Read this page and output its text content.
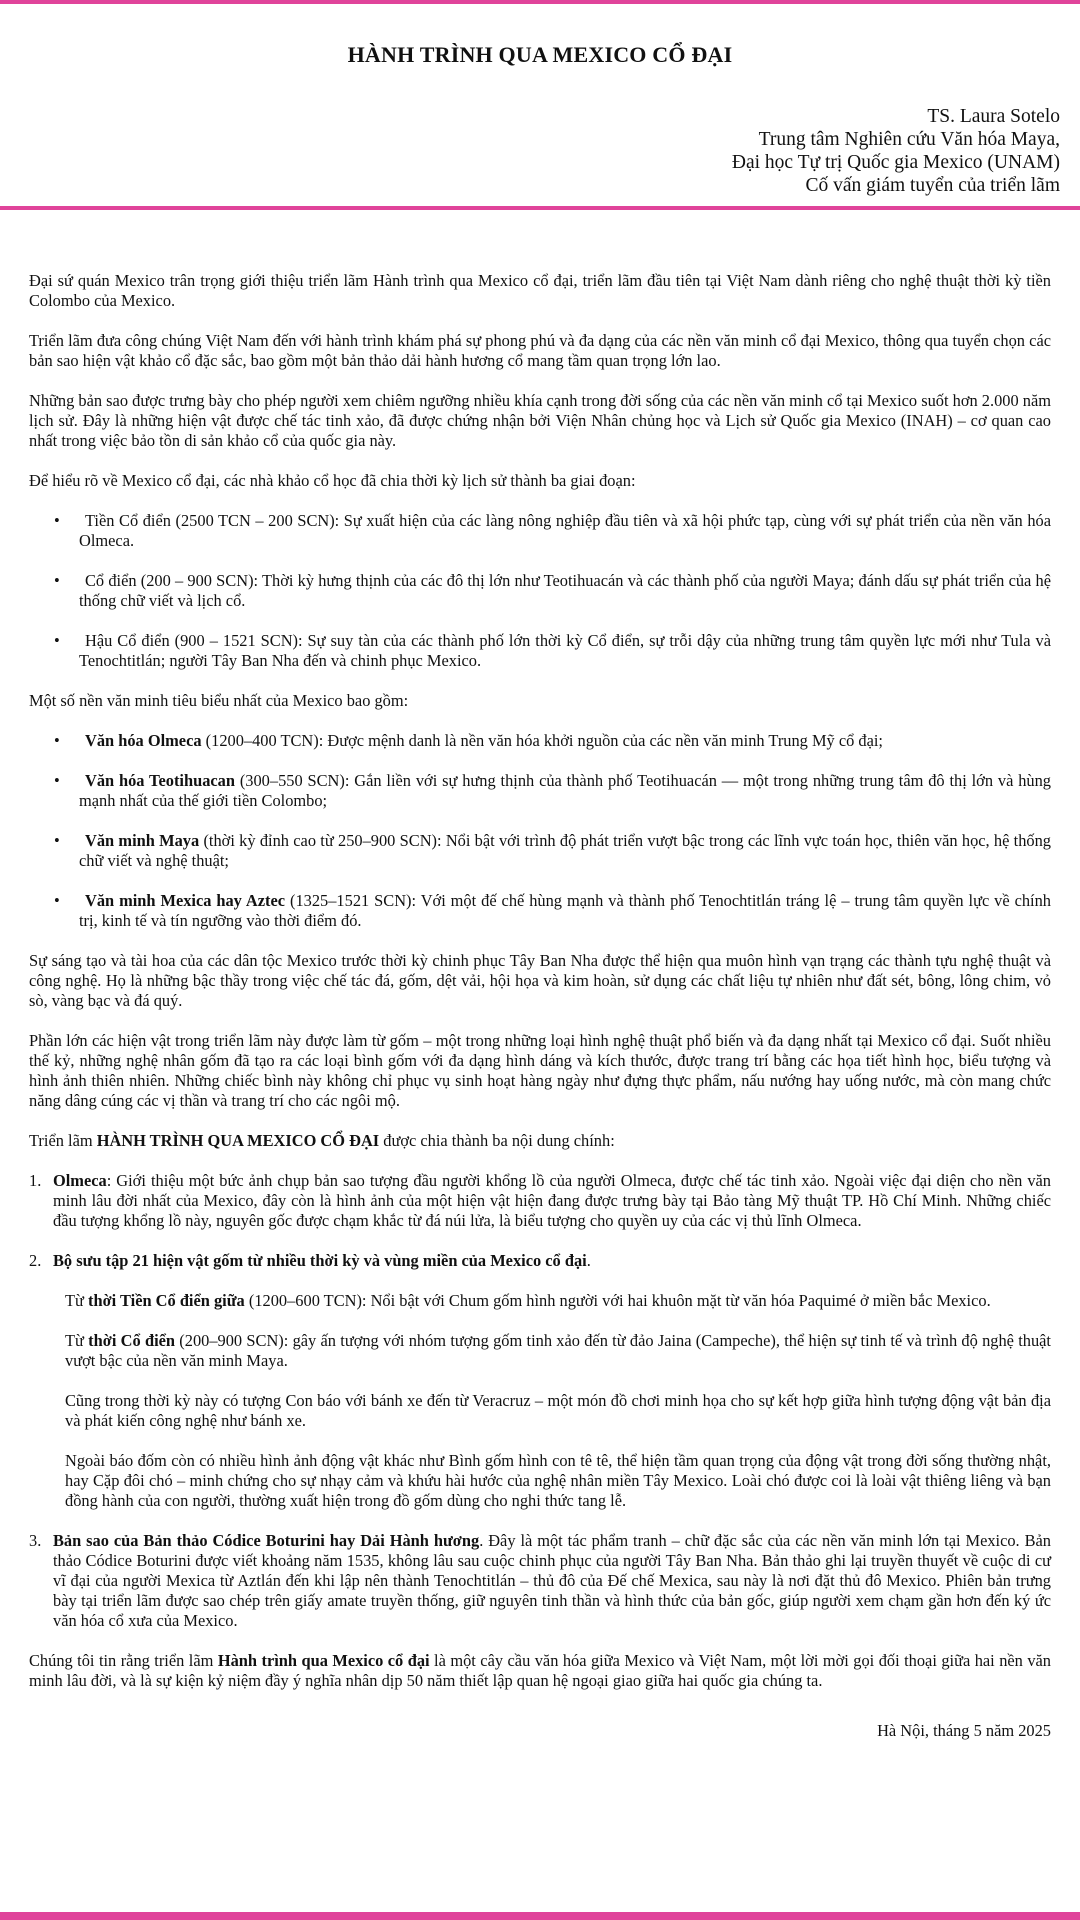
HÀNH TRÌNH QUA MEXICO CỔ ĐẠI
TS. Laura Sotelo
Trung tâm Nghiên cứu Văn hóa Maya,
Đại học Tự trị Quốc gia Mexico (UNAM)
Cố vấn giám tuyển của triển lãm

Đại sứ quán Mexico trân trọng giới thiệu triển lãm Hành trình qua Mexico cổ đại, triển lãm đầu tiên tại Việt Nam dành riêng cho nghệ thuật thời kỳ tiền Colombo của Mexico.

Triển lãm đưa công chúng Việt Nam đến với hành trình khám phá sự phong phú và đa dạng của các nền văn minh cổ đại Mexico, thông qua tuyển chọn các bản sao hiện vật khảo cổ đặc sắc, bao gồm một bản thảo dải hành hương cổ mang tầm quan trọng lớn lao.

Những bản sao được trưng bày cho phép người xem chiêm ngưỡng nhiều khía cạnh trong đời sống của các nền văn minh cổ tại Mexico suốt hơn 2.000 năm lịch sử. Đây là những hiện vật được chế tác tinh xảo, đã được chứng nhận bởi Viện Nhân chủng học và Lịch sử Quốc gia Mexico (INAH) – cơ quan cao nhất trong việc bảo tồn di sản khảo cổ của quốc gia này.

Để hiểu rõ về Mexico cổ đại, các nhà khảo cổ học đã chia thời kỳ lịch sử thành ba giai đoạn:

• Tiền Cổ điển (2500 TCN – 200 SCN): Sự xuất hiện của các làng nông nghiệp đầu tiên và xã hội phức tạp, cùng với sự phát triển của nền văn hóa Olmeca.
• Cổ điển (200 – 900 SCN): Thời kỳ hưng thịnh của các đô thị lớn như Teotihuacán và các thành phố của người Maya; đánh dấu sự phát triển của hệ thống chữ viết và lịch cổ.
• Hậu Cổ điển (900 – 1521 SCN): Sự suy tàn của các thành phố lớn thời kỳ Cổ điển, sự trỗi dậy của những trung tâm quyền lực mới như Tula và Tenochtitlán; người Tây Ban Nha đến và chinh phục Mexico.

Một số nền văn minh tiêu biểu nhất của Mexico bao gồm:

• Văn hóa Olmeca (1200–400 TCN): Được mệnh danh là nền văn hóa khởi nguồn của các nền văn minh Trung Mỹ cổ đại;
• Văn hóa Teotihuacan (300–550 SCN): Gắn liền với sự hưng thịnh của thành phố Teotihuacán — một trong những trung tâm đô thị lớn và hùng mạnh nhất của thế giới tiền Colombo;
• Văn minh Maya (thời kỳ đỉnh cao từ 250–900 SCN): Nổi bật với trình độ phát triển vượt bậc trong các lĩnh vực toán học, thiên văn học, hệ thống chữ viết và nghệ thuật;
• Văn minh Mexica hay Aztec (1325–1521 SCN): Với một đế chế hùng mạnh và thành phố Tenochtitlán tráng lệ – trung tâm quyền lực về chính trị, kinh tế và tín ngưỡng vào thời điểm đó.

Sự sáng tạo và tài hoa của các dân tộc Mexico trước thời kỳ chinh phục Tây Ban Nha được thể hiện qua muôn hình vạn trạng các thành tựu nghệ thuật và công nghệ. Họ là những bậc thầy trong việc chế tác đá, gốm, dệt vải, hội họa và kim hoàn, sử dụng các chất liệu tự nhiên như đất sét, bông, lông chim, vỏ sò, vàng bạc và đá quý.

Phần lớn các hiện vật trong triển lãm này được làm từ gốm – một trong những loại hình nghệ thuật phổ biến và đa dạng nhất tại Mexico cổ đại. Suốt nhiều thế kỷ, những nghệ nhân gốm đã tạo ra các loại bình gốm với đa dạng hình dáng và kích thước, được trang trí bằng các họa tiết hình học, biểu tượng và hình ảnh thiên nhiên. Những chiếc bình này không chỉ phục vụ sinh hoạt hàng ngày như đựng thực phẩm, nấu nướng hay uống nước, mà còn mang chức năng dâng cúng các vị thần và trang trí cho các ngôi mộ.

Triển lãm HÀNH TRÌNH QUA MEXICO CỔ ĐẠI được chia thành ba nội dung chính:

1. Olmeca: Giới thiệu một bức ảnh chụp bản sao tượng đầu người khổng lồ của người Olmeca, được chế tác tinh xảo. Ngoài việc đại diện cho nền văn minh lâu đời nhất của Mexico, đây còn là hình ảnh của một hiện vật hiện đang được trưng bày tại Bảo tàng Mỹ thuật TP. Hồ Chí Minh. Những chiếc đầu tượng khổng lồ này, nguyên gốc được chạm khắc từ đá núi lửa, là biểu tượng cho quyền uy của các vị thủ lĩnh Olmeca.
2. Bộ sưu tập 21 hiện vật gốm từ nhiều thời kỳ và vùng miền của Mexico cổ đại.

Từ thời Tiền Cổ điển giữa (1200–600 TCN): Nổi bật với Chum gốm hình người với hai khuôn mặt từ văn hóa Paquimé ở miền bắc Mexico.

Từ thời Cổ điển (200–900 SCN): gây ấn tượng với nhóm tượng gốm tinh xảo đến từ đảo Jaina (Campeche), thể hiện sự tinh tế và trình độ nghệ thuật vượt bậc của nền văn minh Maya.

Cũng trong thời kỳ này có tượng Con báo với bánh xe đến từ Veracruz – một món đồ chơi minh họa cho sự kết hợp giữa hình tượng động vật bản địa và phát kiến công nghệ như bánh xe.

Ngoài báo đốm còn có nhiều hình ảnh động vật khác như Bình gốm hình con tê tê, thể hiện tầm quan trọng của động vật trong đời sống thường nhật, hay Cặp đôi chó – minh chứng cho sự nhạy cảm và khứu hài hước của nghệ nhân miền Tây Mexico. Loài chó được coi là loài vật thiêng liêng và bạn đồng hành của con người, thường xuất hiện trong đồ gốm dùng cho nghi thức tang lễ.

3. Bản sao của Bản thảo Códice Boturini hay Dải Hành hương. Đây là một tác phẩm tranh – chữ đặc sắc của các nền văn minh lớn tại Mexico. Bản thảo Códice Boturini được viết khoảng năm 1535, không lâu sau cuộc chinh phục của người Tây Ban Nha. Bản thảo ghi lại truyền thuyết về cuộc di cư vĩ đại của người Mexica từ Aztlán đến khi lập nên thành Tenochtitlán – thủ đô của Đế chế Mexica, sau này là nơi đặt thủ đô Mexico. Phiên bản trưng bày tại triển lãm được sao chép trên giấy amate truyền thống, giữ nguyên tinh thần và hình thức của bản gốc, giúp người xem chạm gần hơn đến ký ức văn hóa cổ xưa của Mexico.

Chúng tôi tin rằng triển lãm Hành trình qua Mexico cổ đại là một cây cầu văn hóa giữa Mexico và Việt Nam, một lời mời gọi đối thoại giữa hai nền văn minh lâu đời, và là sự kiện kỷ niệm đầy ý nghĩa nhân dịp 50 năm thiết lập quan hệ ngoại giao giữa hai quốc gia chúng ta.

Hà Nội, tháng 5 năm 2025
